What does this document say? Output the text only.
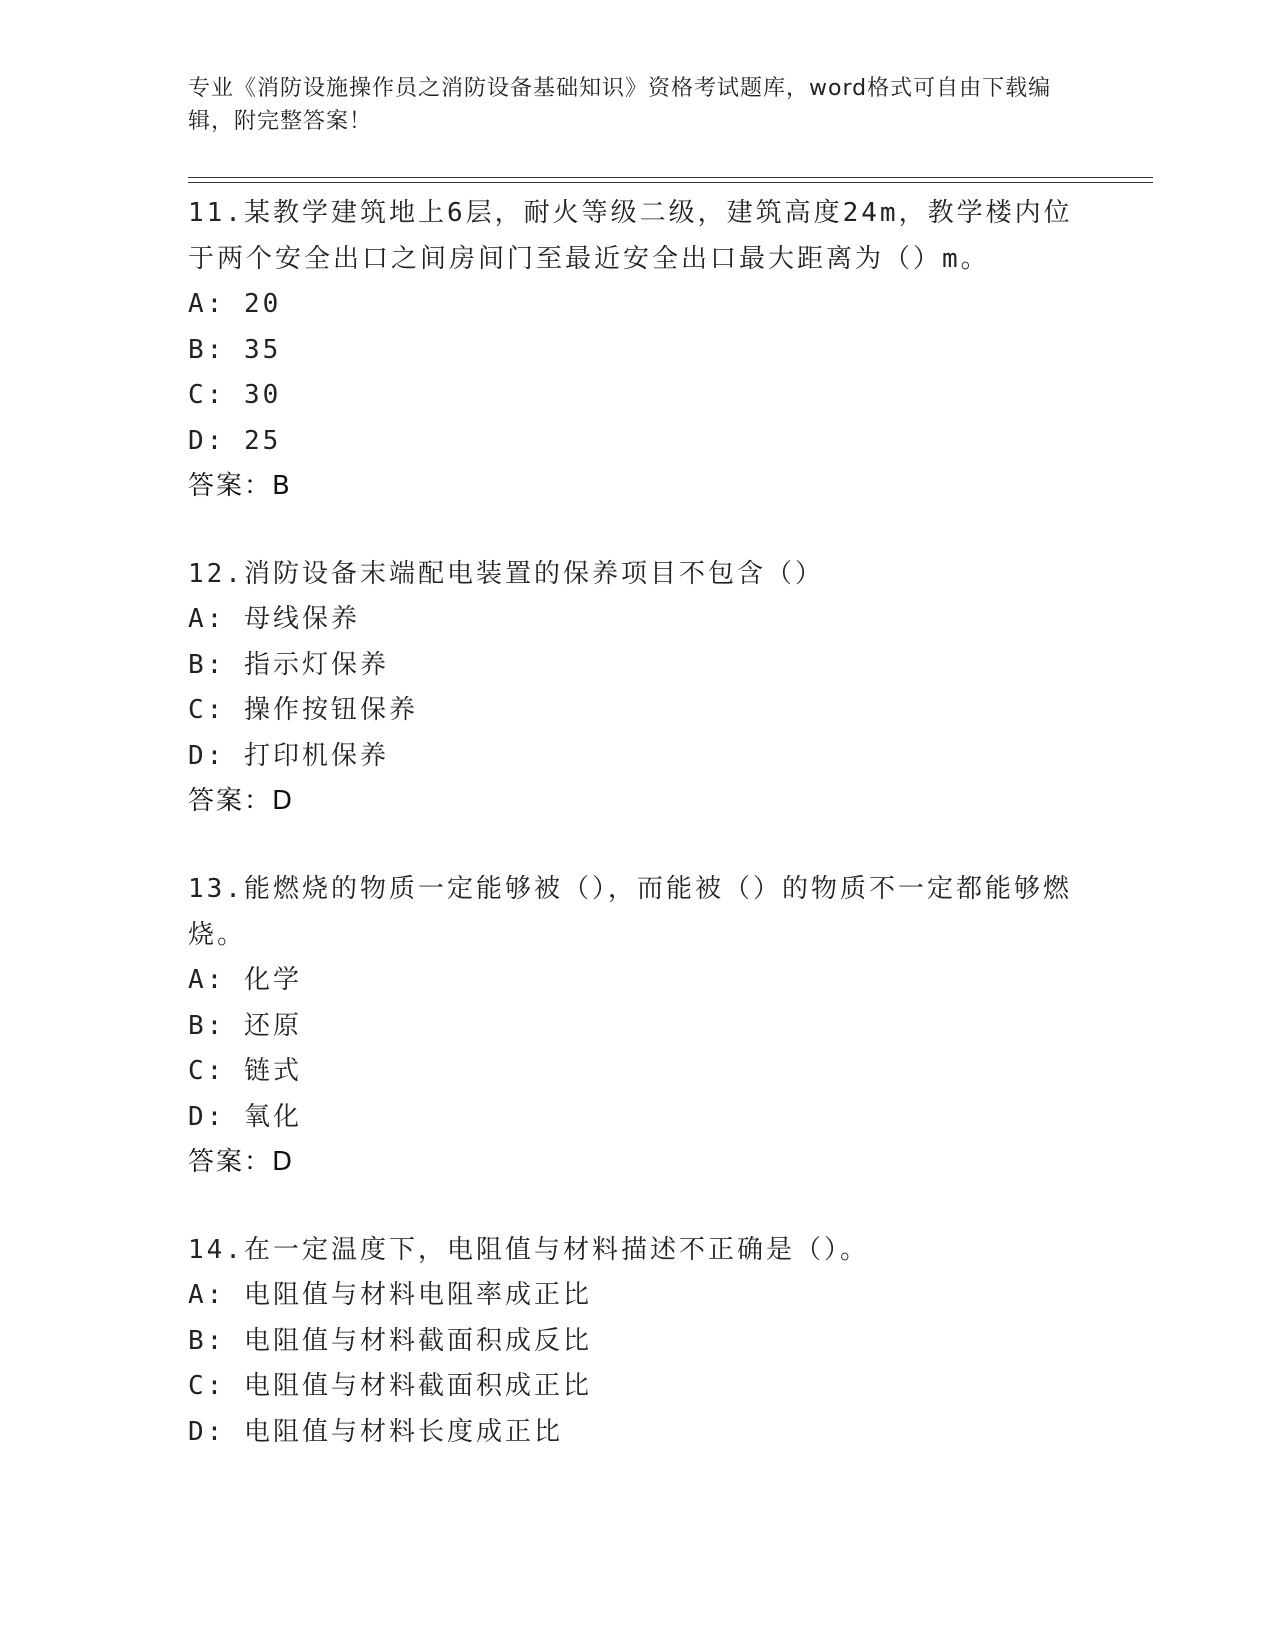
专业《消防设施操作员之消防设备基础知识》资格考试题库，word格式可自由下载编辑，附完整答案！

11.某教学建筑地上6层，耐火等级二级，建筑高度24m，教学楼内位于两个安全出口之间房间门至最近安全出口最大距离为（）m。

A: 20

B: 35

C: 30

D: 25

答案：B

12.消防设备末端配电装置的保养项目不包含（）

A: 母线保养

B: 指示灯保养

C: 操作按钮保养

D: 打印机保养

答案：D

13.能燃烧的物质一定能够被（），而能被（）的物质不一定都能够燃烧。

A: 化学

B: 还原

C: 链式

D: 氧化

答案：D

14.在一定温度下，电阻值与材料描述不正确是（）。

A: 电阻值与材料电阻率成正比

B: 电阻值与材料截面积成反比

C: 电阻值与材料截面积成正比

D: 电阻值与材料长度成正比
